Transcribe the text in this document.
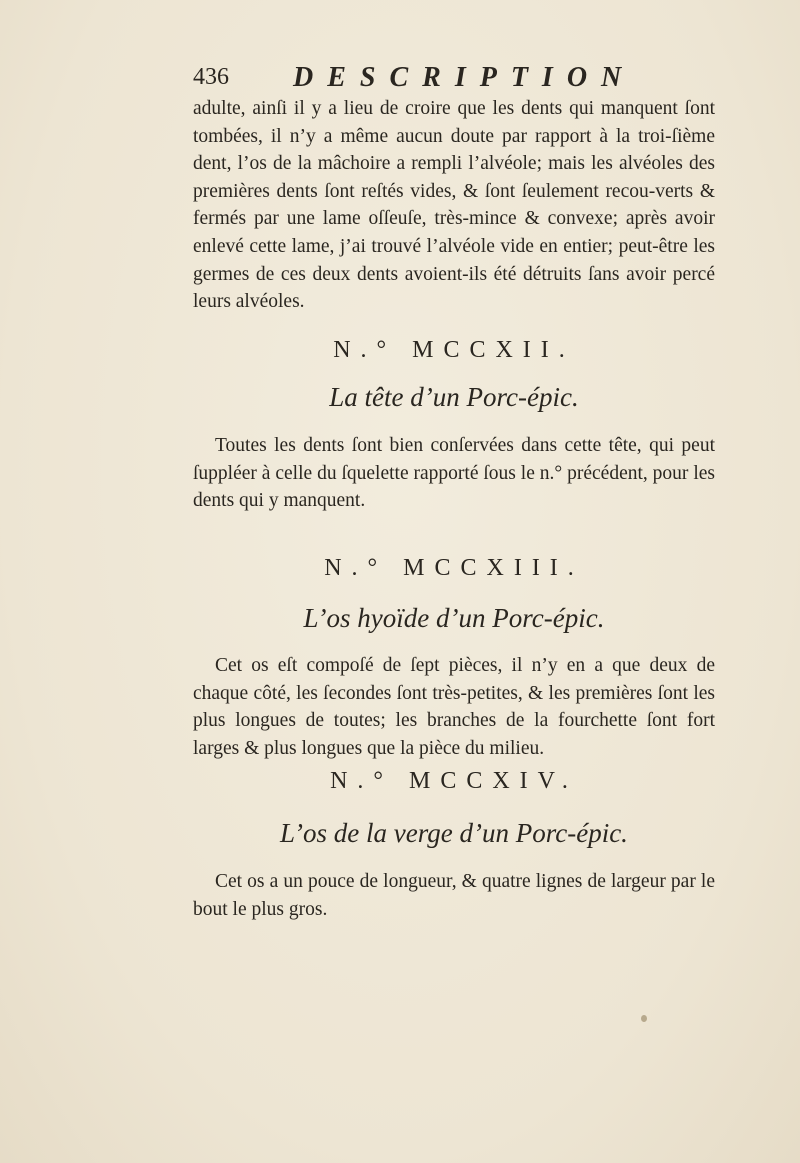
436 DESCRIPTION

adulte, ainſi il y a lieu de croire que les dents qui manquent ſont tombées, il n’y a même aucun doute par rapport à la troi-ſième dent, l’os de la mâchoire a rempli l’alvéole; mais les alvéoles des premières dents ſont reſtés vides, & ſont ſeulement recou-verts & fermés par une lame oſſeuſe, très-mince & convexe; après avoir enlevé cette lame, j’ai trouvé l’alvéole vide en entier; peut-être les germes de ces deux dents avoient-ils été détruits ſans avoir percé leurs alvéoles.

N.° MCCXII.
La tête d’un Porc-épic.

Toutes les dents ſont bien conſervées dans cette tête, qui peut ſuppléer à celle du ſquelette rapporté ſous le n.° précédent, pour les dents qui y manquent.

N.° MCCXIII.
L’os hyoïde d’un Porc-épic.

Cet os eſt compoſé de ſept pièces, il n’y en a que deux de chaque côté, les ſecondes ſont très-petites, & les premières ſont les plus longues de toutes; les branches de la fourchette ſont fort larges & plus longues que la pièce du milieu.

N.° MCCXIV.
L’os de la verge d’un Porc-épic.

Cet os a un pouce de longueur, & quatre lignes de largeur par le bout le plus gros.
